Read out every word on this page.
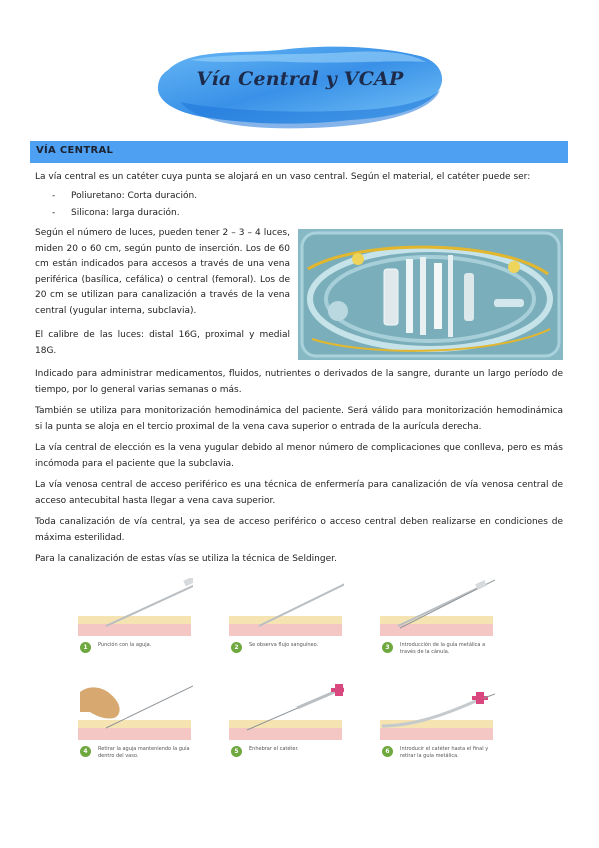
Vía Central y VCAP
VÍA CENTRAL
La vía central es un catéter cuya punta se alojará en un vaso central. Según el material, el catéter puede ser:
- Poliuretano: Corta duración.
- Silicona: larga duración.
Según el número de luces, pueden tener 2 – 3 – 4 luces, miden 20 o 60 cm, según punto de inserción. Los de 60 cm están indicados para accesos a través de una vena periférica (basílica, cefálica) o central (femoral). Los de 20 cm se utilizan para canalización a través de la vena central (yugular interna, subclavia).
El calibre de las luces: distal 16G, proximal y medial 18G.
Indicado para administrar medicamentos, fluidos, nutrientes o derivados de la sangre, durante un largo período de tiempo, por lo general varias semanas o más.
También se utiliza para monitorización hemodinámica del paciente. Será válido para monitorización hemodinámica si la punta se aloja en el tercio proximal de la vena cava superior o entrada de la aurícula derecha.
La vía central de elección es la vena yugular debido al menor número de complicaciones que conlleva, pero es más incómoda para el paciente que la subclavia.
La vía venosa central de acceso periférico es una técnica de enfermería para canalización de vía venosa central de acceso antecubital hasta llegar a vena cava superior.
Toda canalización de vía central, ya sea de acceso periférico o acceso central deben realizarse en condiciones de máxima esterilidad.
Para la canalización de estas vías se utiliza la técnica de Seldinger.
1	Punción con la aguja.	2	Se observa flujo sanguíneo.	3	Introducción de la guía metálica a través de la cánula.
4	Retirar la aguja manteniendo la guía dentro del vaso.
5	Enhebrar el catéter.	6	Introducir el catéter hasta el final y retirar la guía metálica.
